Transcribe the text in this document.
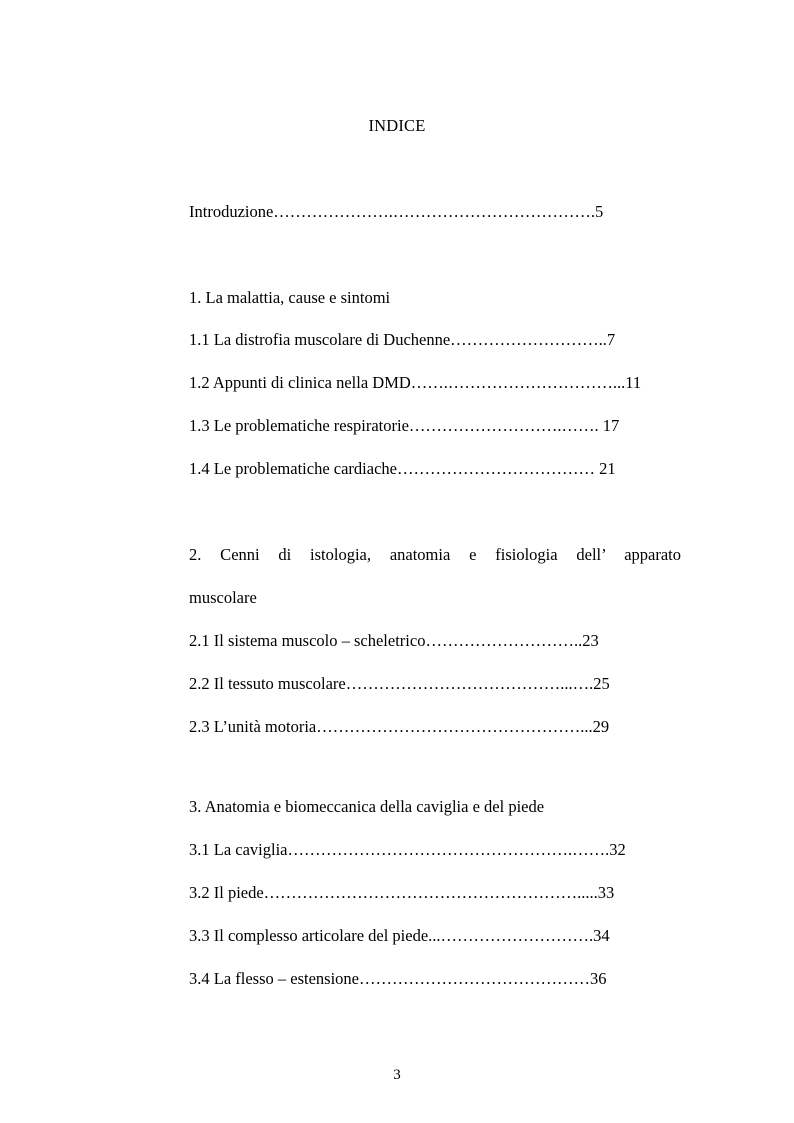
INDICE
Introduzione………………….……………………………….5
1. La malattia, cause e sintomi
1.1 La distrofia muscolare di Duchenne………………………..7
1.2 Appunti di clinica nella DMD…….…………………………...11
1.3 Le problematiche respiratorie……………………….……. 17
1.4 Le problematiche cardiache……………………………… 21
2. Cenni di istologia, anatomia e fisiologia dell’ apparato
muscolare
2.1 Il sistema muscolo – scheletrico………………………..23
2.2 Il tessuto muscolare…………………………………...….25
2.3 L’unità motoria…………………………………………...29
3. Anatomia e biomeccanica della caviglia e del piede
3.1 La caviglia…………………………………………….…….32
3.2 Il piede………………………………………………….....33
3.3 Il complesso articolare del piede...……………………….34
3.4 La flesso – estensione……………………………………36
3
